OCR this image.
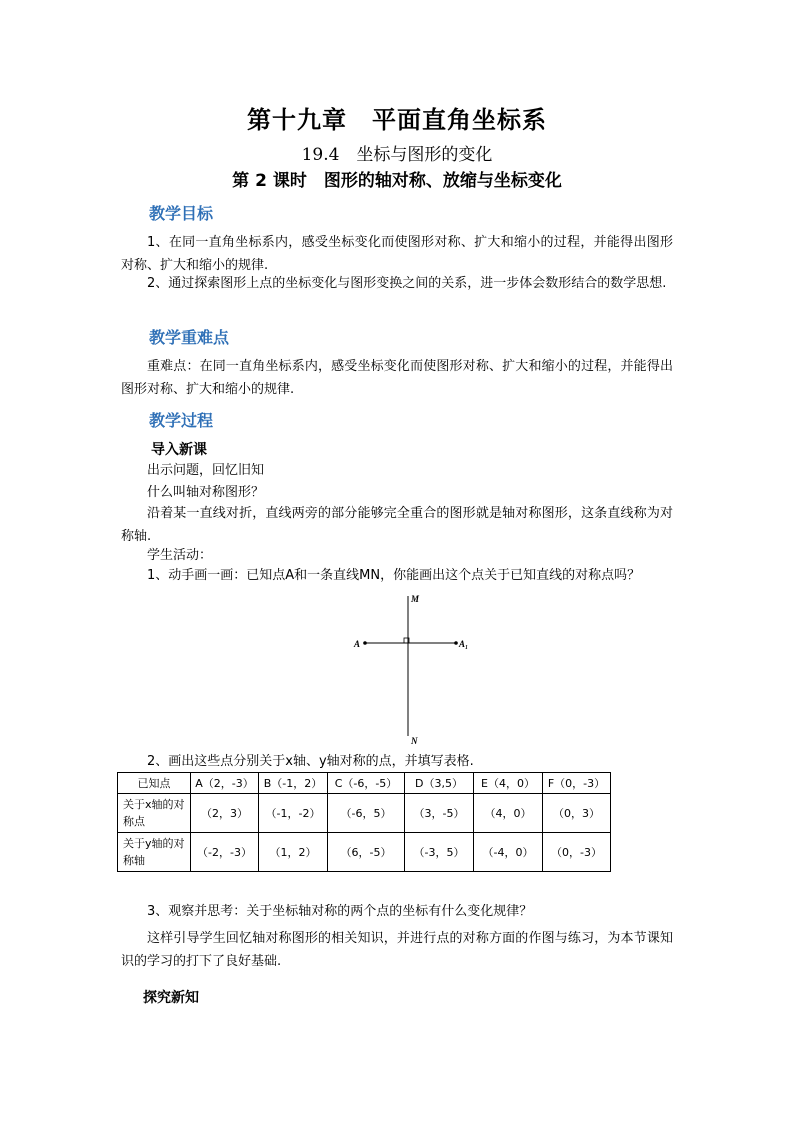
第十九章　平面直角坐标系
19.4　坐标与图形的变化
第 2 课时　图形的轴对称、放缩与坐标变化
教学目标
1、在同一直角坐标系内，感受坐标变化而使图形对称、扩大和缩小的过程，并能得出图形对称、扩大和缩小的规律.
2、通过探索图形上点的坐标变化与图形变换之间的关系，进一步体会数形结合的数学思想.
教学重难点
重难点：在同一直角坐标系内，感受坐标变化而使图形对称、扩大和缩小的过程，并能得出图形对称、扩大和缩小的规律.
教学过程
导入新课
出示问题，回忆旧知
什么叫轴对称图形？
沿着某一直线对折，直线两旁的部分能够完全重合的图形就是轴对称图形，这条直线称为对称轴.
学生活动：
1、动手画一画：已知点A和一条直线MN，你能画出这个点关于已知直线的对称点吗？
M
N
A	A₁
2、画出这些点分别关于x轴、y轴对称的点，并填写表格.
已知点	A（2，-3）	B（-1，2）	C（-6，-5）	D（3,5）	E（4，0）	F（0，-3）
关于x轴的对称点	（2，3）	（-1，-2）	（-6，5）	（3，-5）	（4，0）	（0，3）
关于y轴的对称轴	（-2，-3）	（1，2）	（6，-5）	（-3，5）	（-4，0）	（0，-3）
3、观察并思考：关于坐标轴对称的两个点的坐标有什么变化规律？
这样引导学生回忆轴对称图形的相关知识，并进行点的对称方面的作图与练习，为本节课知识的学习的打下了良好基础.
探究新知
